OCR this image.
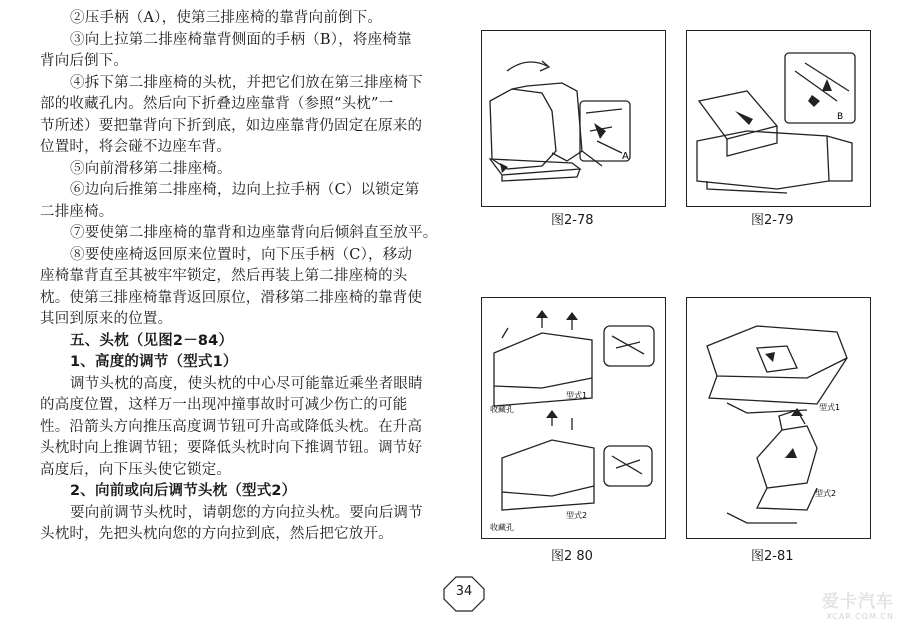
②压手柄（A），使第三排座椅的靠背向前倒下。
③向上拉第二排座椅靠背侧面的手柄（B），将座椅靠
背向后倒下。
④拆下第二排座椅的头枕，并把它们放在第三排座椅下
部的收藏孔内。然后向下折叠边座靠背（参照“头枕”一
节所述）要把靠背向下折到底，如边座靠背仍固定在原来的
位置时，将会碰不边座车背。
⑤向前滑移第二排座椅。
⑥边向后推第二排座椅，边向上拉手柄（C）以锁定第
二排座椅。
⑦要使第二排座椅的靠背和边座靠背向后倾斜直至放平。
⑧要使座椅返回原来位置时，向下压手柄（C），移动
座椅靠背直至其被牢牢锁定，然后再装上第二排座椅的头
枕。使第三排座椅靠背返回原位，滑移第二排座椅的靠背使
其回到原来的位置。
五、头枕（见图2－84）
1、高度的调节（型式1）
调节头枕的高度，使头枕的中心尽可能靠近乘坐者眼睛
的高度位置，这样万一出现冲撞事故时可减少伤亡的可能
性。沿箭头方向推压高度调节钮可升高或降低头枕。在升高
头枕时向上推调节钮；要降低头枕时向下推调节钮。调节好
高度后，向下压头使它锁定。
2、向前或向后调节头枕（型式2）
要向前调节头枕时，请朝您的方向拉头枕。要向后调节
头枕时，先把头枕向您的方向拉到底，然后把它放开。
A
图2-78
B
图2-79
收藏孔
型式1
型式2
收藏孔
图2 80
型式1
型式2
图2-81
34
爱卡汽车
XCAR.COM.CN
